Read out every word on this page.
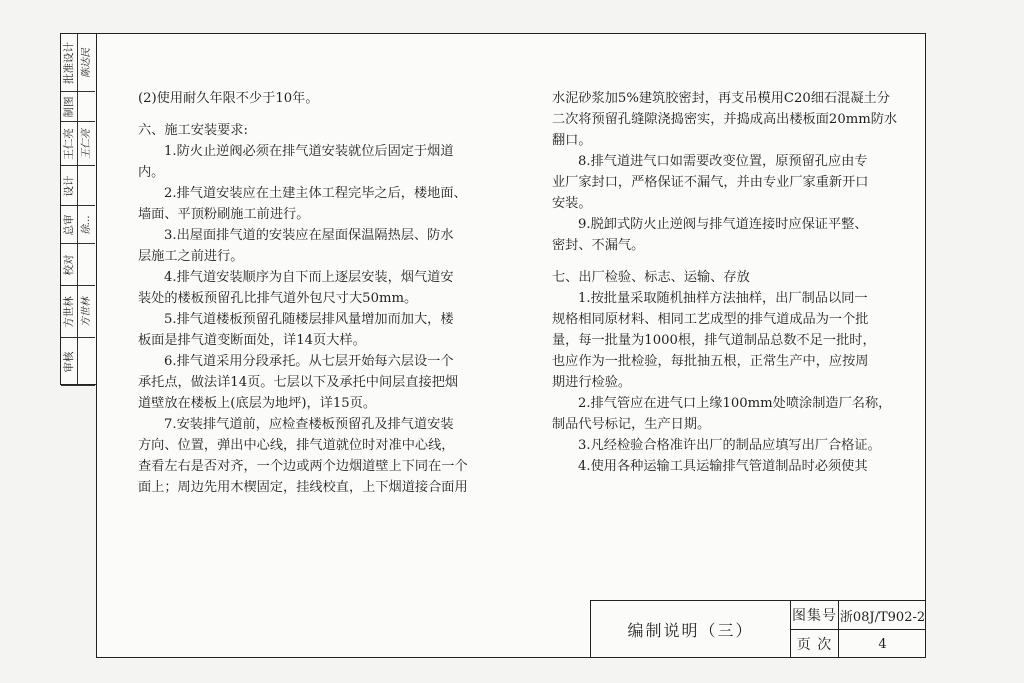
批准设计 陈达民
制图
王仁亮 王仁亮
设计
总审 徐…
校对
方世林 方世林
审核

(2)使用耐久年限不少于10年。

六、施工安装要求:

1.防火止逆阀必须在排气道安装就位后固定于烟道

内。

2.排气道安装应在土建主体工程完毕之后，楼地面、

墙面、平顶粉刷施工前进行。

3.出屋面排气道的安装应在屋面保温隔热层、防水

层施工之前进行。

4.排气道安装顺序为自下而上逐层安装，烟气道安

装处的楼板预留孔比排气道外包尺寸大50mm。

5.排气道楼板预留孔随楼层排风量增加而加大，楼

板面是排气道变断面处，详14页大样。

6.排气道采用分段承托。从七层开始每六层设一个

承托点，做法详14页。七层以下及承托中间层直接把烟

道壁放在楼板上(底层为地坪)，详15页。

7.安装排气道前，应检查楼板预留孔及排气道安装

方向、位置，弹出中心线，排气道就位时对准中心线，

查看左右是否对齐，一个边或两个边烟道壁上下同在一个

面上；周边先用木楔固定，挂线校直，上下烟道接合面用

水泥砂浆加5%建筑胶密封，再支吊模用C20细石混凝土分

二次将预留孔缝隙浇捣密实，并捣成高出楼板面20mm防水

翻口。

8.排气道进气口如需要改变位置，原预留孔应由专

业厂家封口，严格保证不漏气，并由专业厂家重新开口

安装。

9.脱卸式防火止逆阀与排气道连接时应保证平整、

密封、不漏气。

七、出厂检验、标志、运输、存放

1.按批量采取随机抽样方法抽样，出厂制品以同一

规格相同原材料、相同工艺成型的排气道成品为一个批

量，每一批量为1000根，排气道制品总数不足一批时，

也应作为一批检验，每批抽五根，正常生产中，应按周

期进行检验。

2.排气管应在进气口上缘100mm处喷涂制造厂名称，

制品代号标记，生产日期。

3.凡经检验合格准许出厂的制品应填写出厂合格证。

4.使用各种运输工具运输排气管道制品时必须使其

编制说明（三）
图集号 浙08J/T902-2
页 次	4
